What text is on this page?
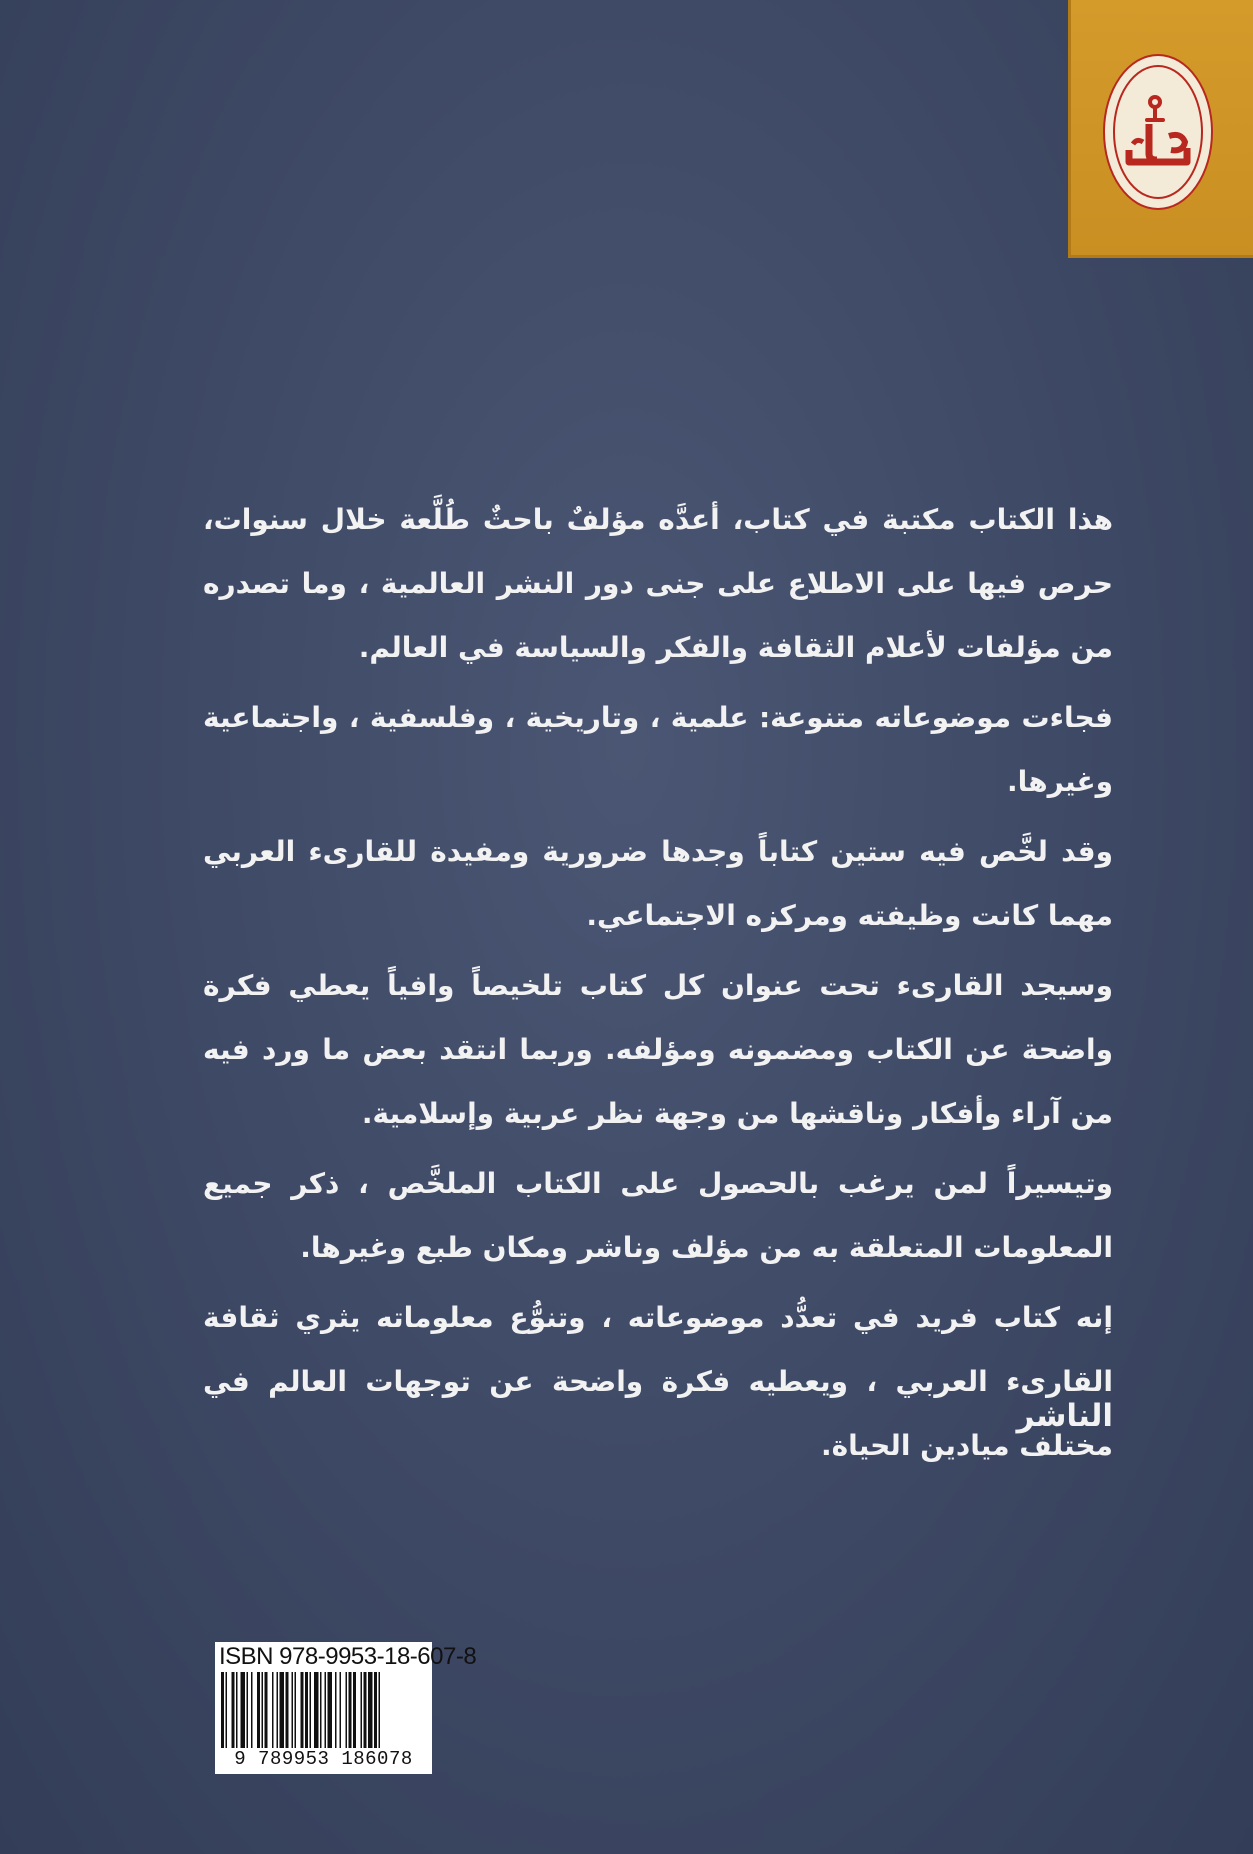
هذا الكتاب مكتبة في كتاب، أعدَّه مؤلفٌ باحثٌ طُلَّعة خلال سنوات، حرص فيها على الاطلاع على جنى دور النشر العالمية ، وما تصدره من مؤلفات لأعلام الثقافة والفكر والسياسة في العالم.

فجاءت موضوعاته متنوعة: علمية ، وتاريخية ، وفلسفية ، واجتماعية وغيرها.

وقد لخَّص فيه ستين كتاباً وجدها ضرورية ومفيدة للقارىء العربي مهما كانت وظيفته ومركزه الاجتماعي.

وسيجد القارىء تحت عنوان كل كتاب تلخيصاً وافياً يعطي فكرة واضحة عن الكتاب ومضمونه ومؤلفه. وربما انتقد بعض ما ورد فيه من آراء وأفكار وناقشها من وجهة نظر عربية وإسلامية.

وتيسيراً لمن يرغب بالحصول على الكتاب الملخَّص ، ذكر جميع المعلومات المتعلقة به من مؤلف وناشر ومكان طبع وغيرها.

إنه كتاب فريد في تعدُّد موضوعاته ، وتنوُّع معلوماته يثري ثقافة القارىء العربي ، ويعطيه فكرة واضحة عن توجهات العالم في مختلف ميادين الحياة.

الناشر
ISBN 978-9953-18-607-8
9 789953 186078
